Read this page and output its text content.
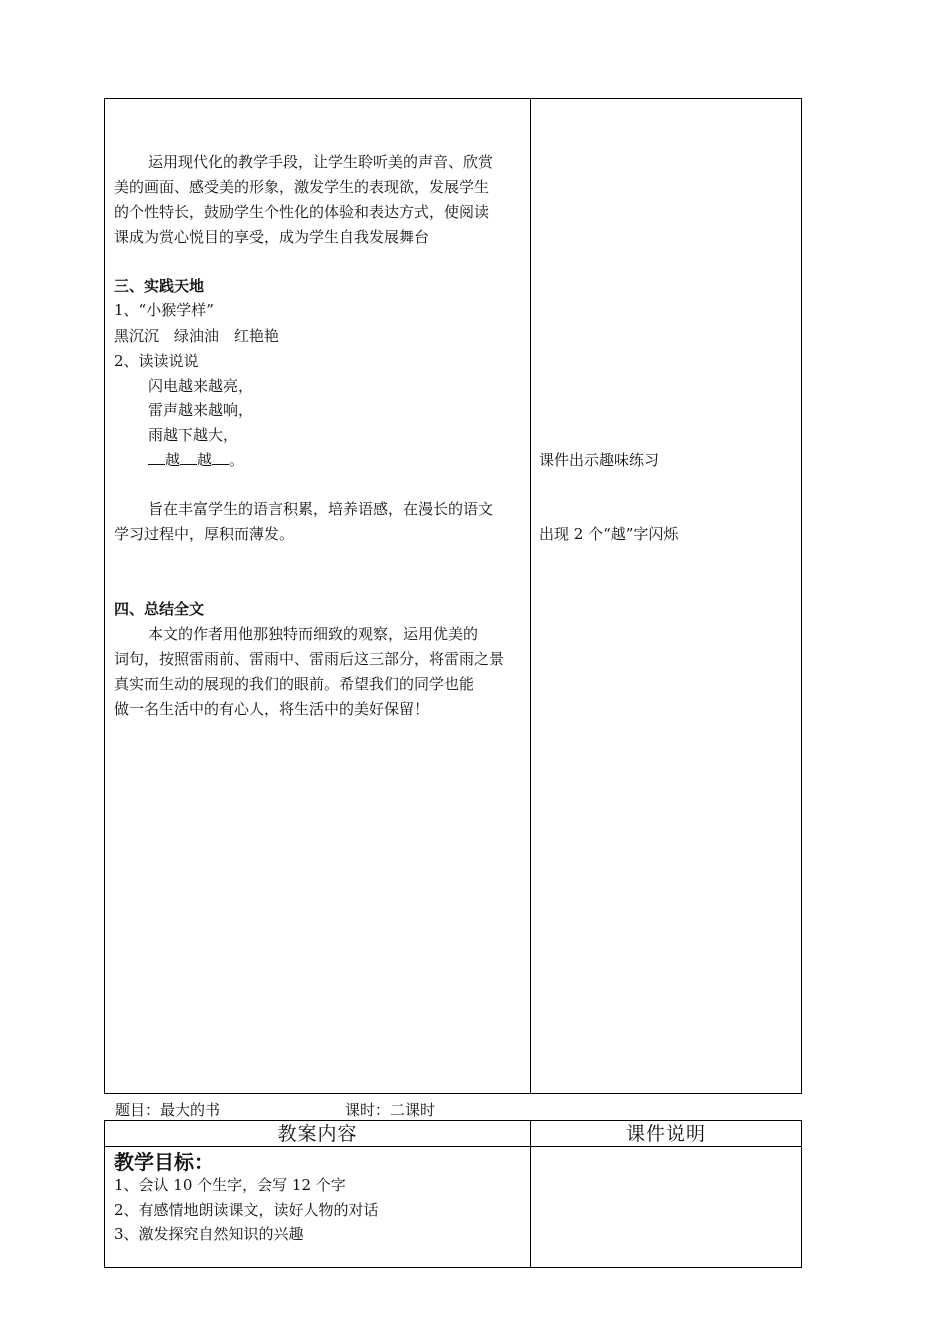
运用现代化的教学手段，让学生聆听美的声音、欣赏
美的画面、感受美的形象，激发学生的表现欲，发展学生
的个性特长，鼓励学生个性化的体验和表达方式，使阅读
课成为赏心悦目的享受，成为学生自我发展舞台
三、实践天地
1、“小猴学样”
黑沉沉　绿油油　红艳艳
2、读读说说
闪电越来越亮，
雷声越来越响，
雨越下越大，
越 越 。
旨在丰富学生的语言积累，培养语感，在漫长的语文
学习过程中，厚积而薄发。
四、总结全文
本文的作者用他那独特而细致的观察，运用优美的
词句，按照雷雨前、雷雨中、雷雨后这三部分，将雷雨之景
真实而生动的展现的我们的眼前。希望我们的同学也能
做一名生活中的有心人，将生活中的美好保留！
课件出示趣味练习
出现 2 个“越”字闪烁
题目：最大的书	课时：二课时
教案内容	课件说明
教学目标：
1、会认 10 个生字，会写 12 个字
2、有感情地朗读课文，读好人物的对话
3、激发探究自然知识的兴趣
